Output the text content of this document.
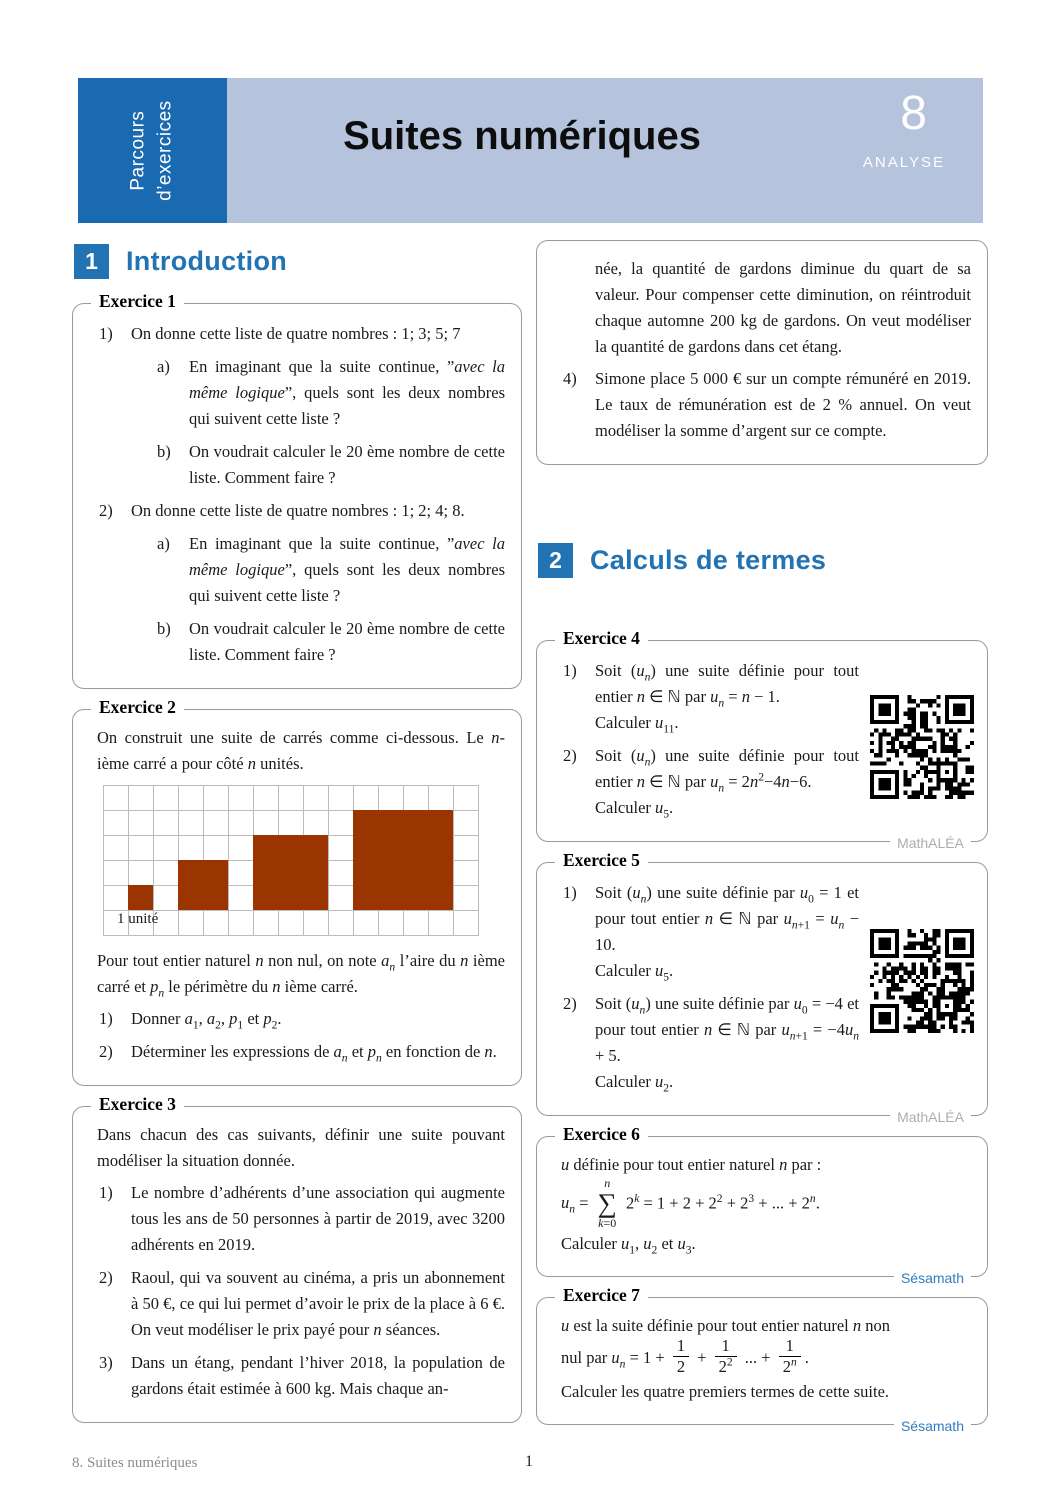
Parcours d’exercices	Suites numériques	8
ANALYSE
1	Introduction
Exercice 1
1) On donne cette liste de quatre nombres : 1; 3; 5; 7
a) En imaginant que la suite continue, ”avec la même logique”, quels sont les deux nombres qui suivent cette liste ?
b) On voudrait calculer le 20 ème nombre de cette liste. Comment faire ?
2) On donne cette liste de quatre nombres : 1; 2; 4; 8.
a) En imaginant que la suite continue, ”avec la même logique”, quels sont les deux nombres qui suivent cette liste ?
b) On voudrait calculer le 20 ème nombre de cette liste. Comment faire ?
Exercice 2
On construit une suite de carrés comme ci-dessous. Le n-ième carré a pour côté n unités.
1 unité
Pour tout entier naturel n non nul, on note $a_n$ l’aire du n ième carré et $p_n$ le périmètre du n ième carré.
1) Donner $a_1$, $a_2$, $p_1$ et $p_2$.
2) Déterminer les expressions de $a_n$ et $p_n$ en fonction de n.
Exercice 3
Dans chacun des cas suivants, définir une suite pouvant modéliser la situation donnée.
1) Le nombre d’adhérents d’une association qui augmente tous les ans de 50 personnes à partir de 2019, avec 3200 adhérents en 2019.
2) Raoul, qui va souvent au cinéma, a pris un abonnement à 50 €, ce qui lui permet d’avoir le prix de la place à 6 €. On veut modéliser le prix payé pour n séances.
3) Dans un étang, pendant l’hiver 2018, la population de gardons était estimée à 600 kg. Mais chaque an-
née, la quantité de gardons diminue du quart de sa valeur. Pour compenser cette diminution, on réintroduit chaque automne 200 kg de gardons. On veut modéliser la quantité de gardons dans cet étang.
4) Simone place 5 000 € sur un compte rémunéré en 2019. Le taux de rémunération est de 2 % annuel. On veut modéliser la somme d’argent sur ce compte.
2	Calculs de termes
Exercice 4
1) Soit $(u_n)$ une suite définie pour tout entier n ∈ ℕ par $u_n = n - 1$.
Calculer $u_{11}$.
2) Soit $(u_n)$ une suite définie pour tout entier n ∈ ℕ par $u_n = 2n^2-4n-6$.
Calculer $u_5$.
MathALÉA
Exercice 5
1) Soit $(u_n)$ une suite définie par $u_0 = 1$ et pour tout entier n ∈ ℕ par $u_{n+1} = u_n - 10$.
Calculer $u_5$.
2) Soit $(u_n)$ une suite définie par $u_0 = -4$ et pour tout entier n ∈ ℕ par $u_{n+1} = -4u_n + 5$.
Calculer $u_2$.
MathALÉA
Exercice 6
u définie pour tout entier naturel n par :
$u_n$ =
n
∑
k=0
$2^k = 1 + 2 + 2^2 + 2^3$ + ... + $2^n$.
Calculer $u_1$, $u_2$ et $u_3$.
Sésamath
Exercice 7
u est la suite définie pour tout entier naturel n non
nul par $u_n = 1 + \frac{1}{2} + \frac{1}{2^2}$ ... + $\frac{1}{2^n}$ .
Calculer les quatre premiers termes de cette suite.
Sésamath
8. Suites numériques	1
